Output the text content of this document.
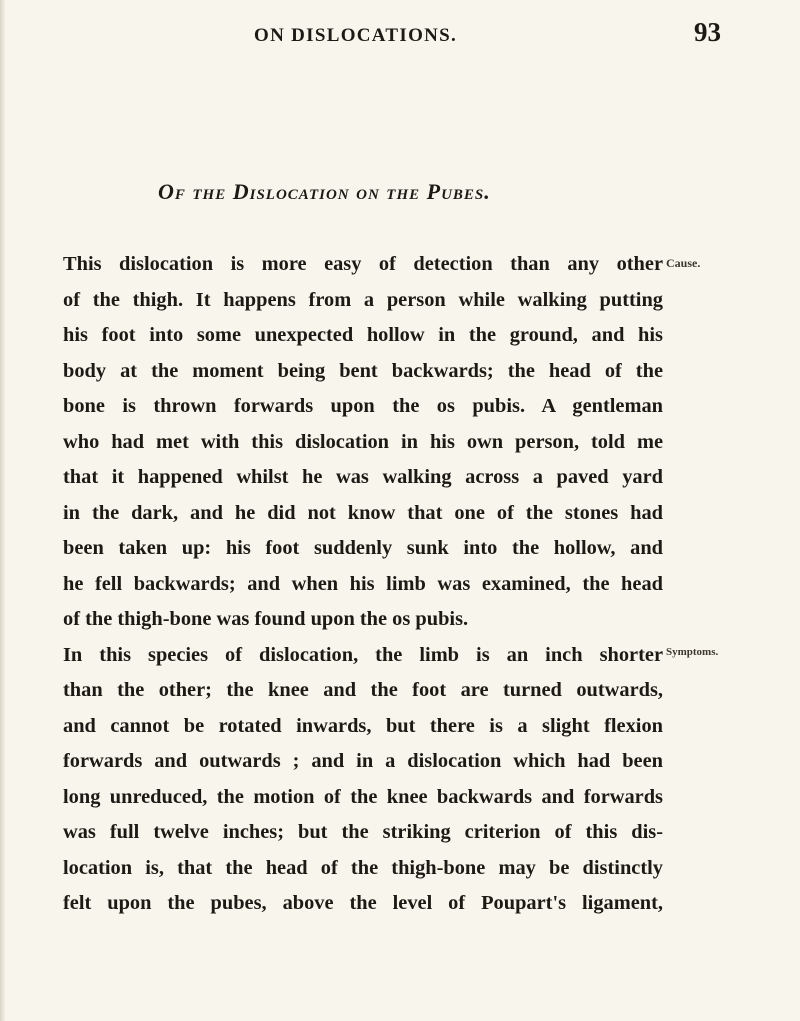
ON DISLOCATIONS.	93
Of the Dislocation on the Pubes.
This dislocation is more easy of detection than any other
of the thigh. It happens from a person while walking putting
his foot into some unexpected hollow in the ground, and his
body at the moment being bent backwards; the head of the
bone is thrown forwards upon the os pubis. A gentleman
who had met with this dislocation in his own person, told me
that it happened whilst he was walking across a paved yard
in the dark, and he did not know that one of the stones had
been taken up: his foot suddenly sunk into the hollow, and
he fell backwards; and when his limb was examined, the head
of the thigh-bone was found upon the os pubis.
In this species of dislocation, the limb is an inch shorter
than the other; the knee and the foot are turned outwards,
and cannot be rotated inwards, but there is a slight flexion
forwards and outwards ; and in a dislocation which had been
long unreduced, the motion of the knee backwards and forwards
was full twelve inches; but the striking criterion of this dis-
location is, that the head of the thigh-bone may be distinctly
felt upon the pubes, above the level of Poupart's ligament,
Cause.
Symptoms.
